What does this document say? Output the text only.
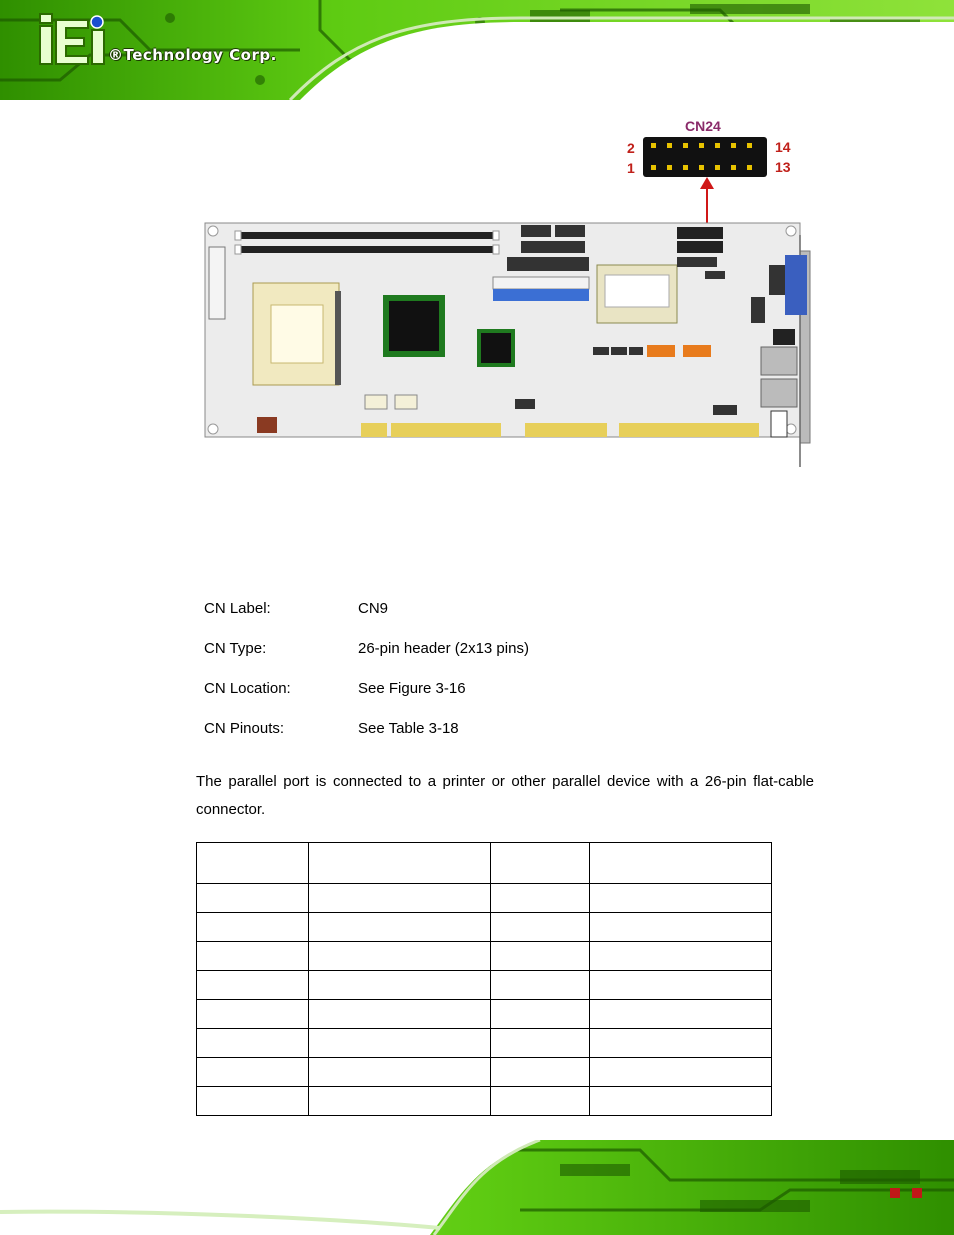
®Technology Corp.
CN24
2
1
14
13
CN Label:	CN9
CN Type:	26-pin header (2x13 pins)
CN Location:	See Figure 3-16
CN Pinouts:	See Table 3-18
The parallel port is connected to a printer or other parallel device with a 26-pin flat-cable
connector.
